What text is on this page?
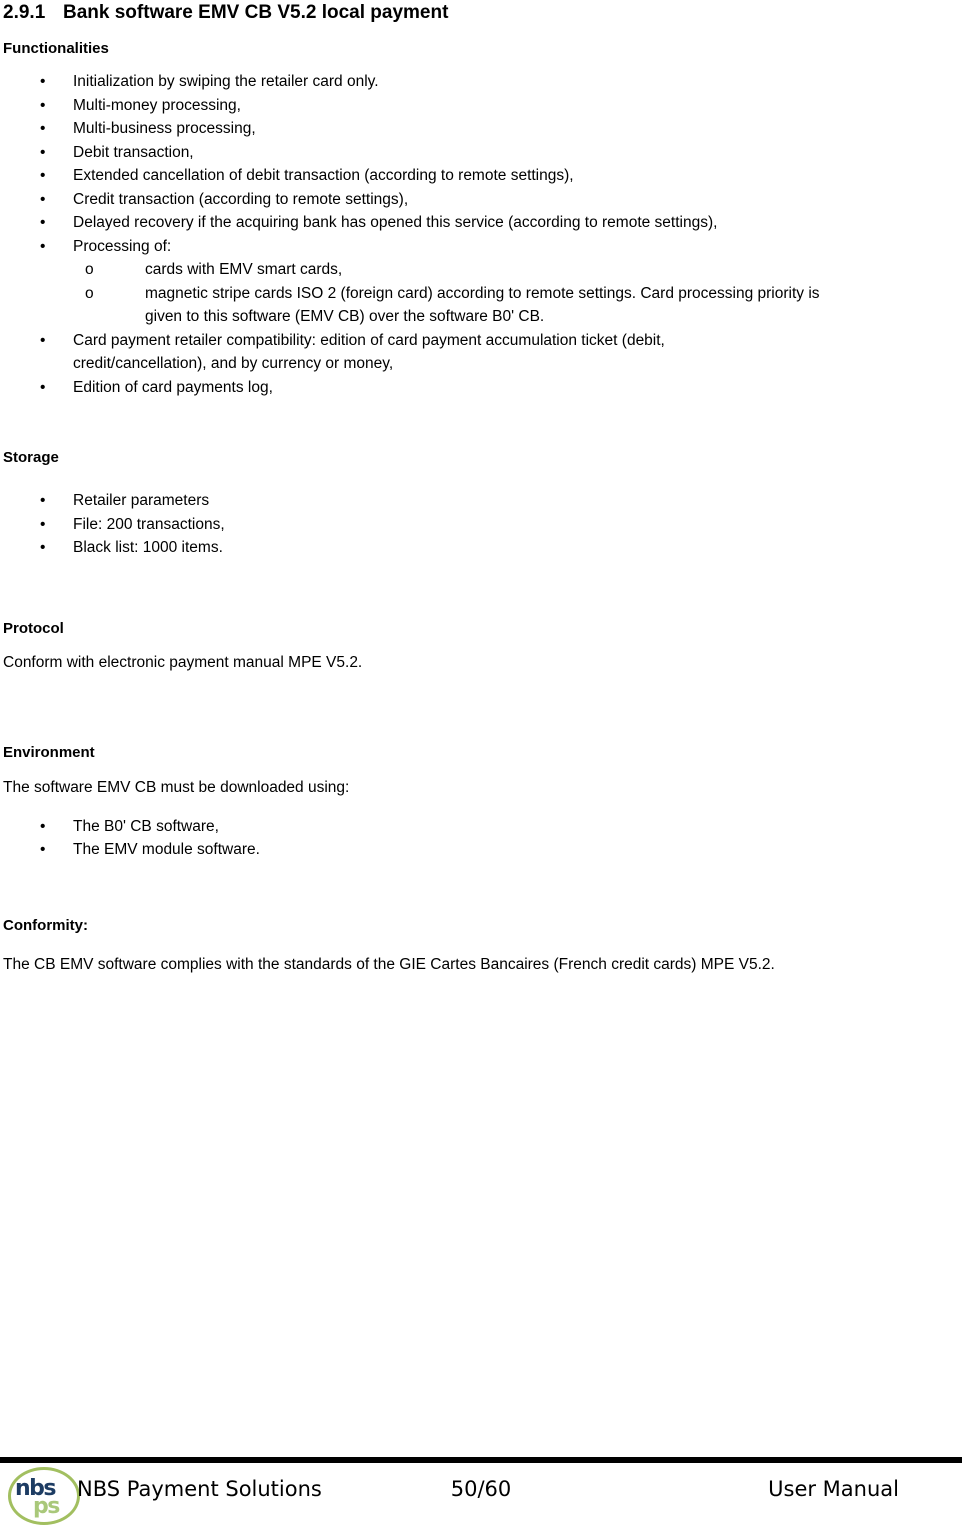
2.9.1 Bank software EMV CB V5.2 local payment
Functionalities
• Initialization by swiping the retailer card only.
• Multi-money processing,
• Multi-business processing,
• Debit transaction,
• Extended cancellation of debit transaction (according to remote settings),
• Credit transaction (according to remote settings),
• Delayed recovery if the acquiring bank has opened this service (according to remote settings),
• Processing of:
o	cards with EMV smart cards,
o	magnetic stripe cards ISO 2 (foreign card) according to remote settings. Card processing priority is given to this software (EMV CB) over the software B0' CB.
• Card payment retailer compatibility: edition of card payment accumulation ticket (debit, credit/cancellation), and by currency or money,
• Edition of card payments log,
Storage
• Retailer parameters
• File: 200 transactions,
• Black list: 1000 items.
Protocol

Conform with electronic payment manual MPE V5.2.

Environment

The software EMV CB must be downloaded using:

• The B0' CB software,
• The EMV module software.
Conformity:

The CB EMV software complies with the standards of the GIE Cartes Bancaires (French credit cards) MPE V5.2.

nbs
ps
NBS Payment Solutions	50/60	User Manual
